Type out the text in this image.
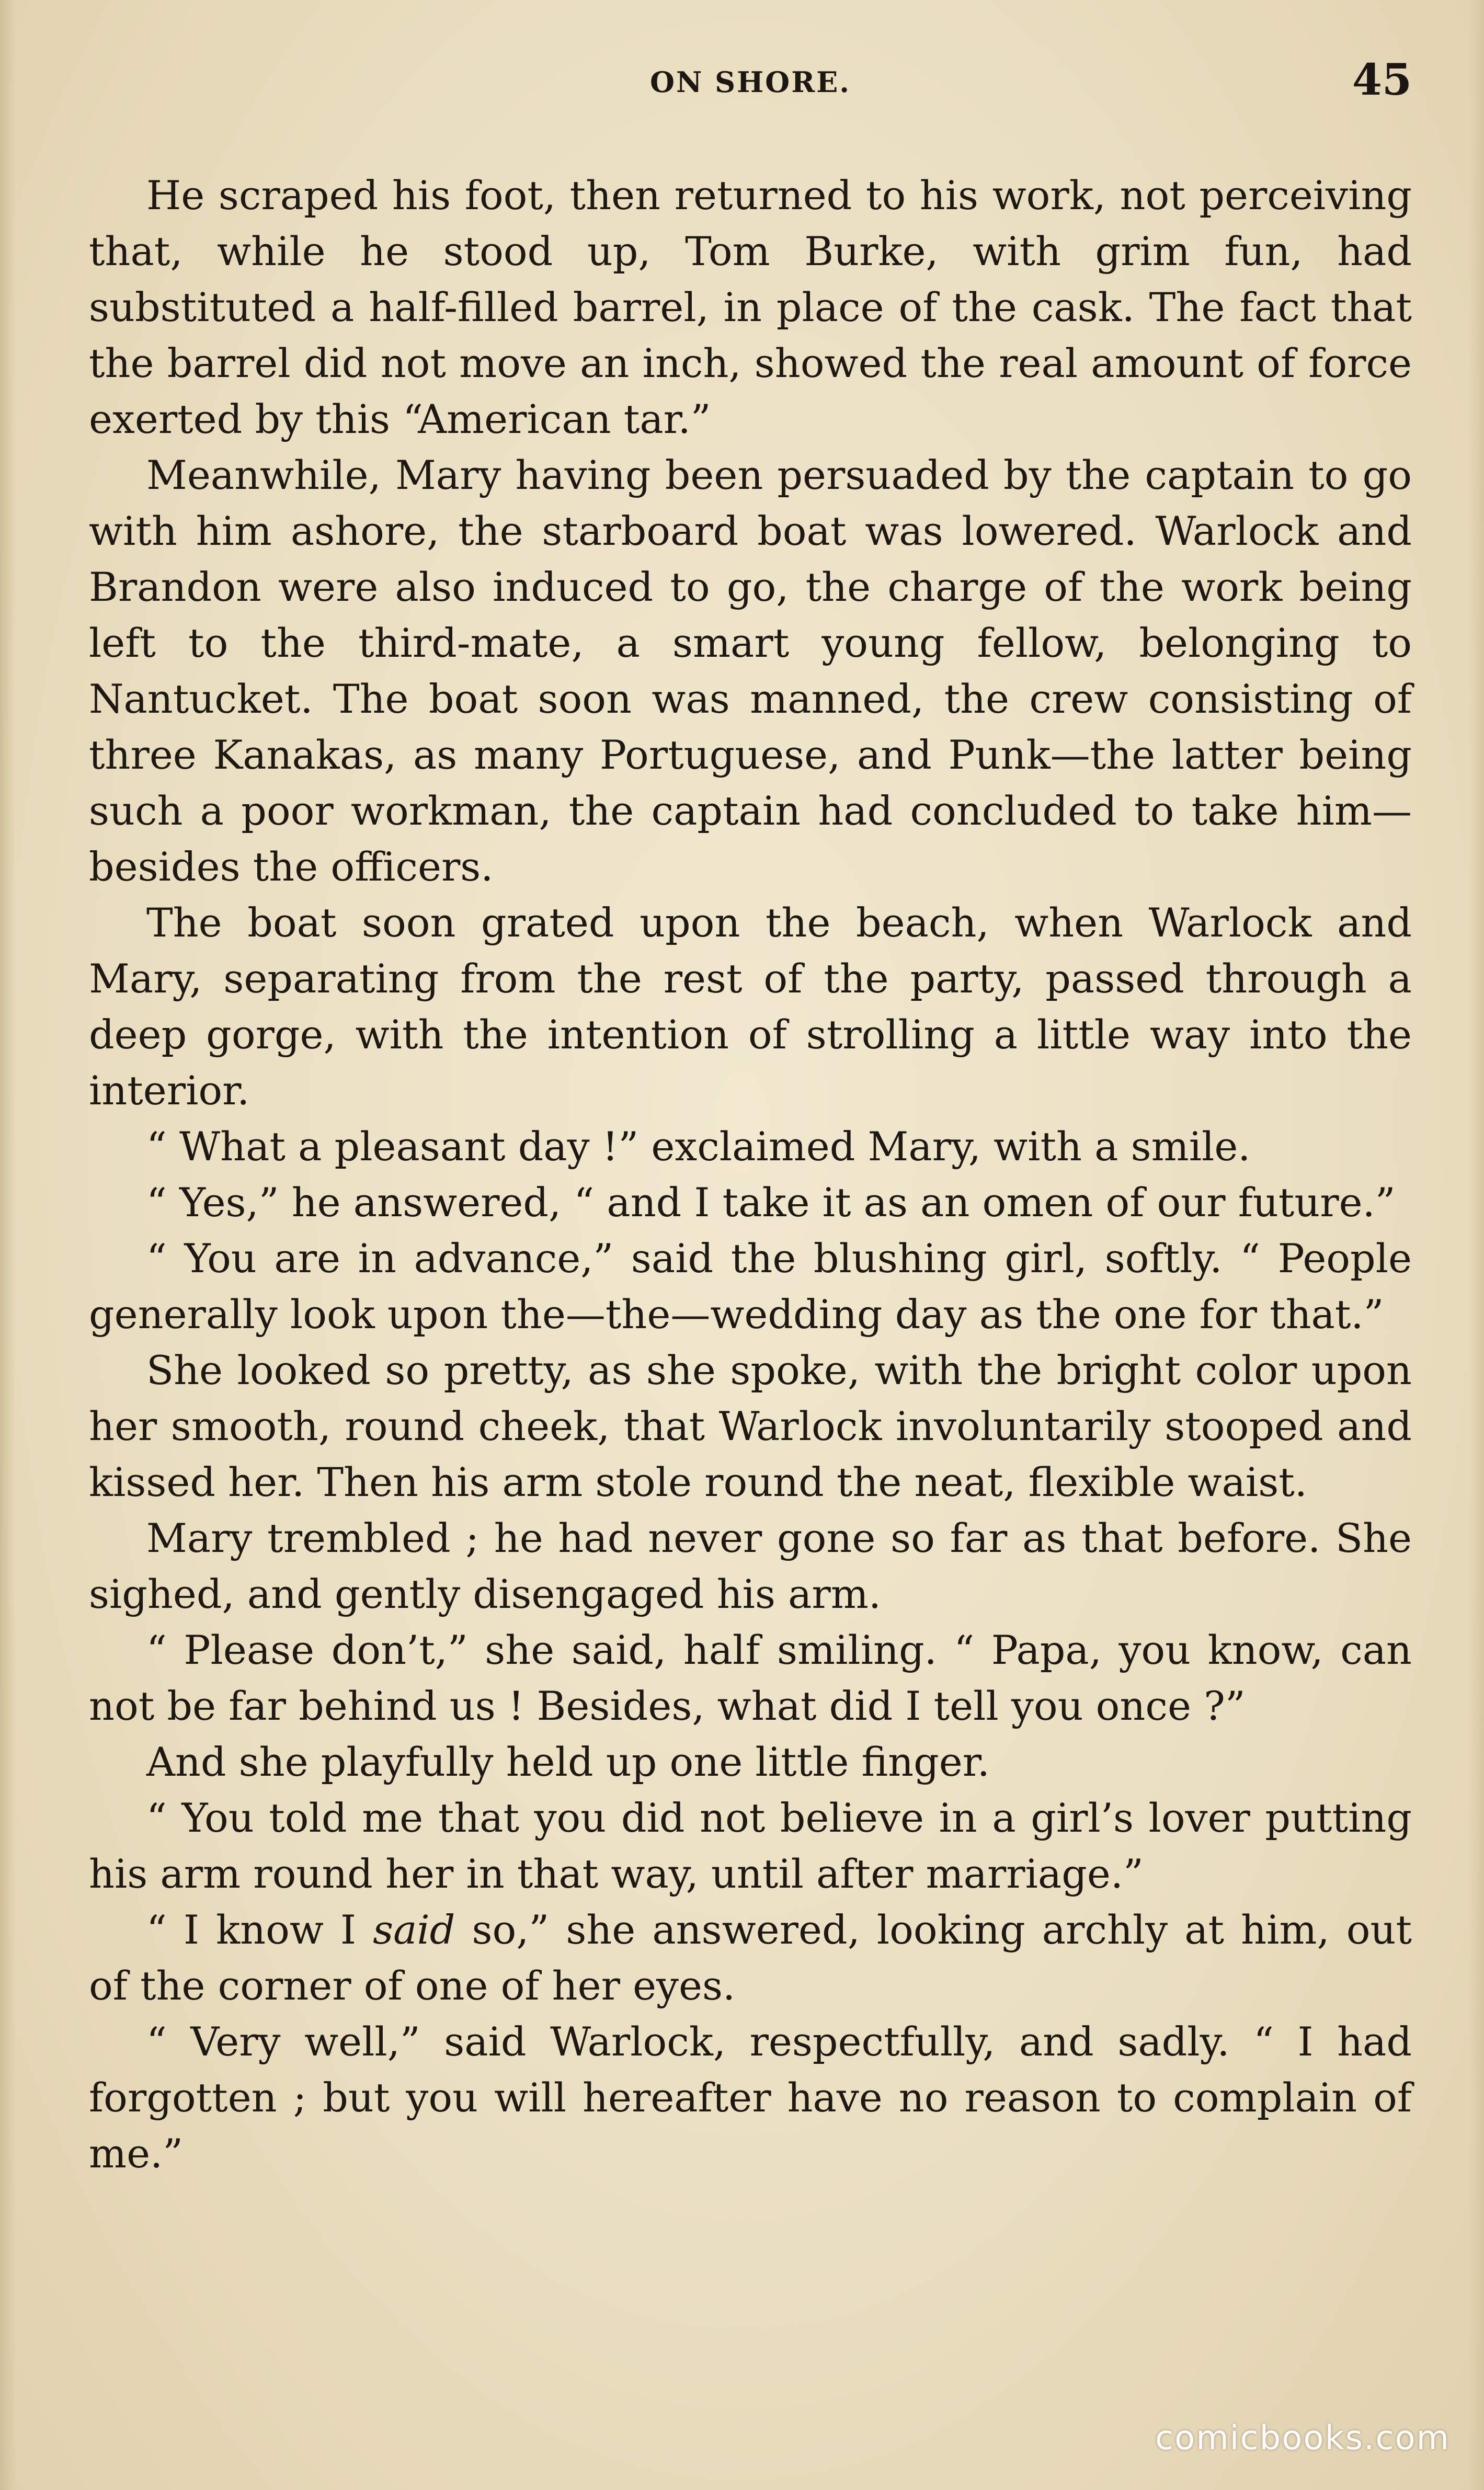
ON SHORE.	45

He scraped his foot, then returned to his work, not perceiving that, while he stood up, Tom Burke, with grim fun, had substituted a half-filled barrel, in place of the cask. The fact that the barrel did not move an inch, showed the real amount of force exerted by this “American tar.”

Meanwhile, Mary having been persuaded by the captain to go with him ashore, the starboard boat was lowered. Warlock and Brandon were also induced to go, the charge of the work being left to the third-mate, a smart young fellow, belonging to Nantucket. The boat soon was manned, the crew consisting of three Kanakas, as many Portuguese, and Punk—the latter being such a poor workman, the captain had concluded to take him—besides the officers.

The boat soon grated upon the beach, when Warlock and Mary, separating from the rest of the party, passed through a deep gorge, with the intention of strolling a little way into the interior.

“ What a pleasant day !” exclaimed Mary, with a smile.

“ Yes,” he answered, “ and I take it as an omen of our future.”

“ You are in advance,” said the blushing girl, softly. “ People generally look upon the—the—wedding day as the one for that.”

She looked so pretty, as she spoke, with the bright color upon her smooth, round cheek, that Warlock involuntarily stooped and kissed her. Then his arm stole round the neat, flexible waist.

Mary trembled ; he had never gone so far as that before. She sighed, and gently disengaged his arm.

“ Please don’t,” she said, half smiling. “ Papa, you know, can not be far behind us ! Besides, what did I tell you once ?”

And she playfully held up one little finger.

“ You told me that you did not believe in a girl’s lover putting his arm round her in that way, until after marriage.”

“ I know I said so,” she answered, looking archly at him, out of the corner of one of her eyes.

“ Very well,” said Warlock, respectfully, and sadly. “ I had forgotten ; but you will hereafter have no reason to complain of me.”

comicbooks.com
